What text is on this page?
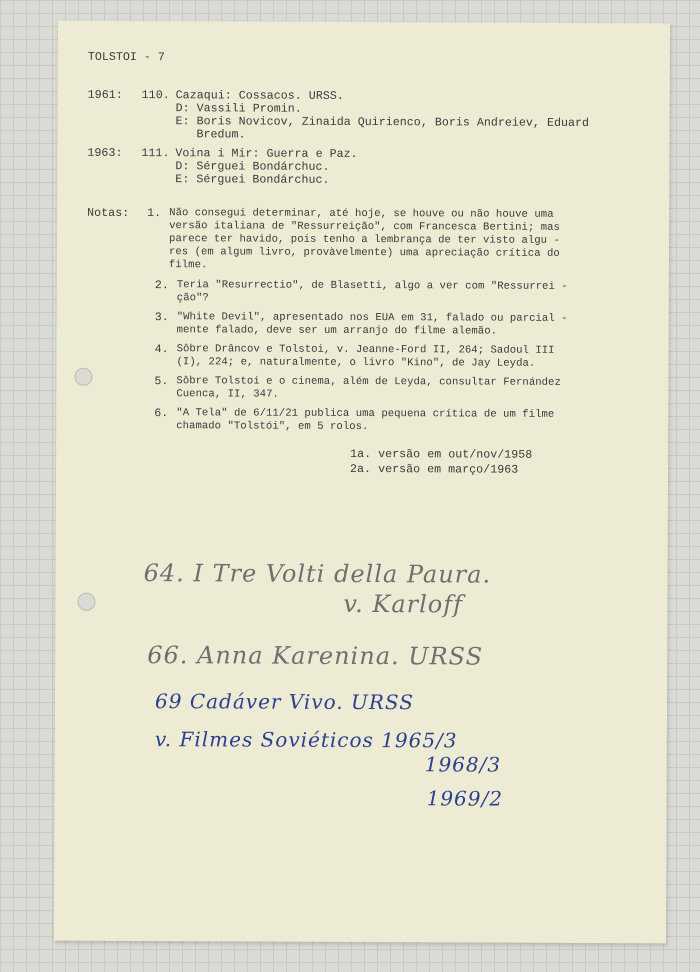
TOLSTOI - 7
1961: 110. Cazaqui: Cossacos. URSS.
D: Vassili Promin.
E: Boris Novicov, Zinaida Quirienco, Boris Andreiev, Eduard
Bredum.
1963: 111. Voina i Mir: Guerra e Paz.
D: Sérguei Bondárchuc.
E: Sérguei Bondárchuc.
Notas: 1. Não consegui determinar, até hoje, se houve ou não houve uma
versão italiana de "Ressurreição", com Francesca Bertini; mas
parece ter havido, pois tenho a lembrança de ter visto algu -
res (em algum livro, provàvelmente) uma apreciação crítica do
filme.
2. Teria "Resurrectio", de Blasetti, algo a ver com "Ressurrei -
ção"?
3. "White Devil", apresentado nos EUA em 31, falado ou parcial -
mente falado, deve ser um arranjo do filme alemão.
4. Sôbre Drâncov e Tolstoi, v. Jeanne-Ford II, 264; Sadoul III
(I), 224; e, naturalmente, o livro "Kino", de Jay Leyda.
5. Sôbre Tolstoi e o cinema, além de Leyda, consultar Fernández
Cuenca, II, 347.
6. "A Tela" de 6/11/21 publica uma pequena crítica de um filme
chamado "Tolstói", em 5 rolos.
1a. versão em out/nov/1958
2a. versão em março/1963
64. I Tre Volti della Paura.
v. Karloff
66. Anna Karenina. URSS
69 Cadáver Vivo. URSS
v. Filmes Soviéticos 1965/3
1968/3
1969/2
